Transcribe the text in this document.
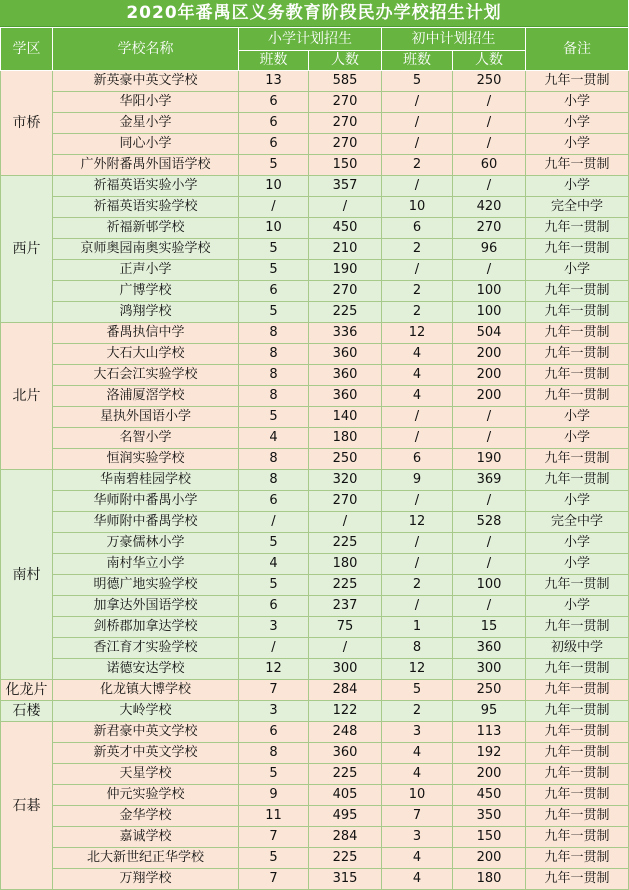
2020年番禺区义务教育阶段民办学校招生计划
学区	学校名称	小学计划招生		初中计划招生		备注
		班数	人数	班数	人数	
市桥	新英豪中英文学校	13	585	5	250	九年一贯制
	华阳小学	6	270	/	/	小学
	金星小学	6	270	/	/	小学
	同心小学	6	270	/	/	小学
	广外附番禺外国语学校	5	150	2	60	九年一贯制
西片	祈福英语实验小学	10	357	/	/	小学
	祈福英语实验学校	/	/	10	420	完全中学
	祈福新邨学校	10	450	6	270	九年一贯制
	京师奥园南奥实验学校	5	210	2	96	九年一贯制
	正声小学	5	190	/	/	小学
	广博学校	6	270	2	100	九年一贯制
	鸿翔学校	5	225	2	100	九年一贯制
北片	番禺执信中学	8	336	12	504	九年一贯制
	大石大山学校	8	360	4	200	九年一贯制
	大石会江实验学校	8	360	4	200	九年一贯制
	洛浦厦滘学校	8	360	4	200	九年一贯制
	星执外国语小学	5	140	/	/	小学
	名智小学	4	180	/	/	小学
	恒润实验学校	8	250	6	190	九年一贯制
南村	华南碧桂园学校	8	320	9	369	九年一贯制
	华师附中番禺小学	6	270	/	/	小学
	华师附中番禺学校	/	/	12	528	完全中学
	万豪儒林小学	5	225	/	/	小学
	南村华立小学	4	180	/	/	小学
	明德广地实验学校	5	225	2	100	九年一贯制
	加拿达外国语学校	6	237	/	/	小学
	剑桥郡加拿达学校	3	75	1	15	九年一贯制
	香江育才实验学校	/	/	8	360	初级中学
	诺德安达学校	12	300	12	300	九年一贯制
化龙片	化龙镇大博学校	7	284	5	250	九年一贯制
石楼	大岭学校	3	122	2	95	九年一贯制
石碁	新君豪中英文学校	6	248	3	113	九年一贯制
	新英才中英文学校	8	360	4	192	九年一贯制
	天星学校	5	225	4	200	九年一贯制
	仲元实验学校	9	405	10	450	九年一贯制
	金华学校	11	495	7	350	九年一贯制
	嘉诚学校	7	284	3	150	九年一贯制
	北大新世纪正华学校	5	225	4	200	九年一贯制
	万翔学校	7	315	4	180	九年一贯制
